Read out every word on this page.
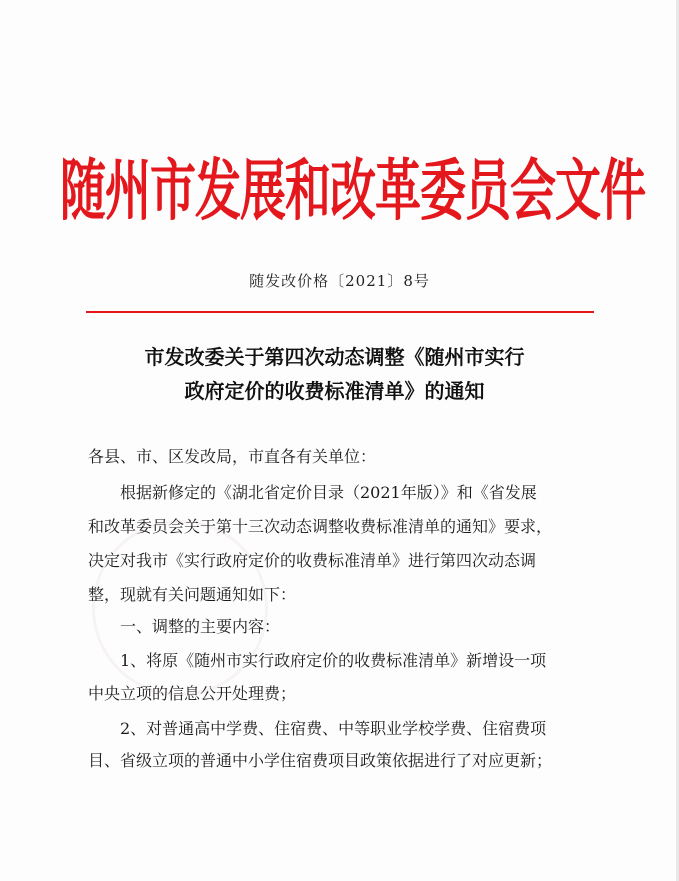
随州市发展和改革委员会文件
随发改价格〔2021〕8号
市发改委关于第四次动态调整《随州市实行
政府定价的收费标准清单》的通知
各县、市、区发改局，市直各有关单位：
根据新修定的《湖北省定价目录（2021年版）》和《省发展
和改革委员会关于第十三次动态调整收费标准清单的通知》要求，
决定对我市《实行政府定价的收费标准清单》进行第四次动态调
整，现就有关问题通知如下：
一、调整的主要内容：
1、将原《随州市实行政府定价的收费标准清单》新增设一项
中央立项的信息公开处理费；
2、对普通高中学费、住宿费、中等职业学校学费、住宿费项
目、省级立项的普通中小学住宿费项目政策依据进行了对应更新；
